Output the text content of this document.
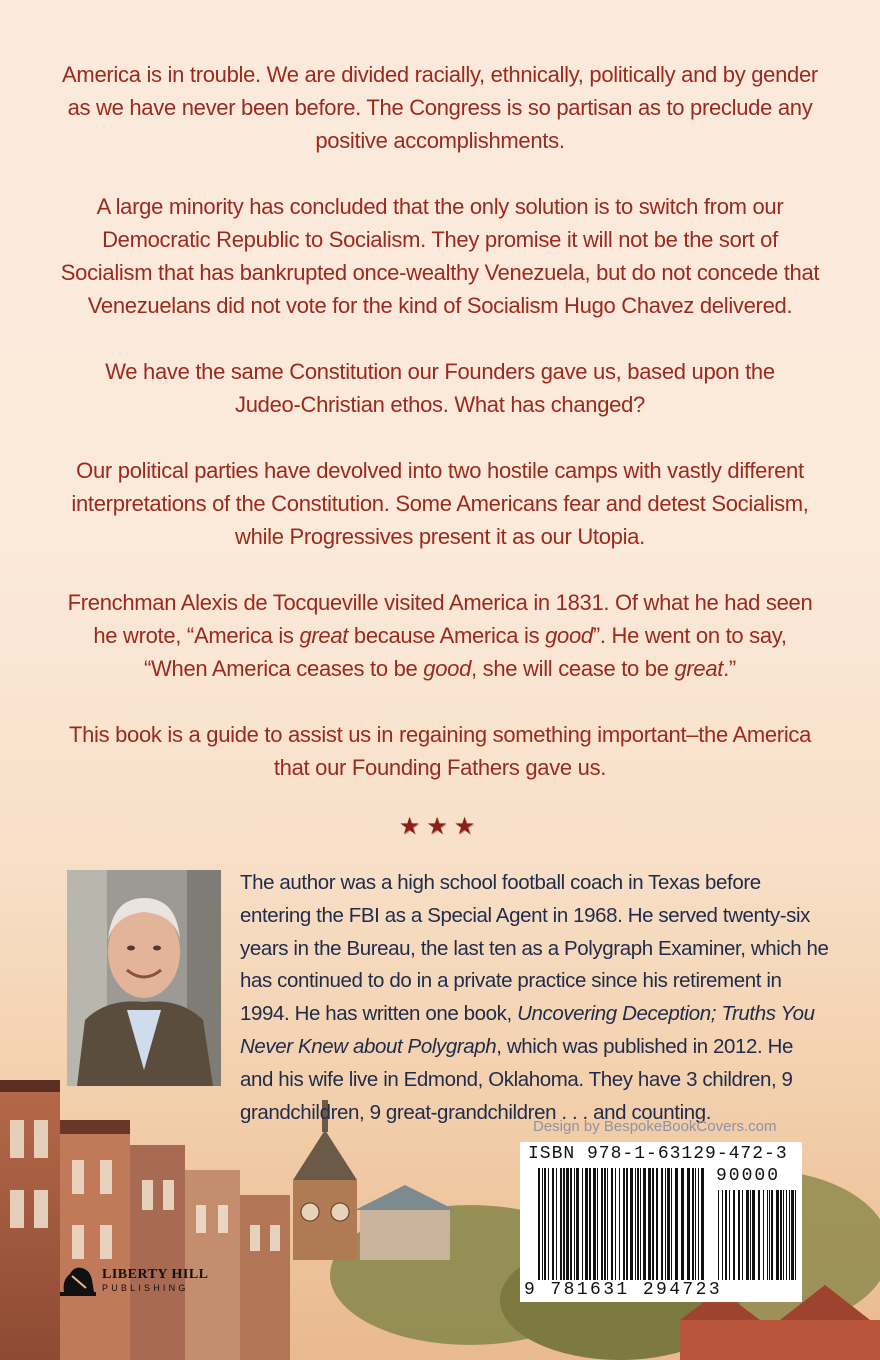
America is in trouble. We are divided racially, ethnically, politically and by gender as we have never been before. The Congress is so partisan as to preclude any positive accomplishments.

A large minority has concluded that the only solution is to switch from our Democratic Republic to Socialism. They promise it will not be the sort of Socialism that has bankrupted once-wealthy Venezuela, but do not concede that Venezuelans did not vote for the kind of Socialism Hugo Chavez delivered.

We have the same Constitution our Founders gave us, based upon the
Judeo-Christian ethos. What has changed?

Our political parties have devolved into two hostile camps with vastly different interpretations of the Constitution. Some Americans fear and detest Socialism, while Progressives present it as our Utopia.

Frenchman Alexis de Tocqueville visited America in 1831. Of what he had seen he wrote, “America is great because America is good”. He went on to say, “When America ceases to be good, she will cease to be great.”

This book is a guide to assist us in regaining something important–the America
that our Founding Fathers gave us.

★★★
The author was a high school football coach in Texas before entering the FBI as a Special Agent in 1968. He served twenty-six years in the Bureau, the last ten as a Polygraph Examiner, which he has continued to do in a private practice since his retirement in 1994. He has written one book, Uncovering Deception; Truths You Never Knew about Polygraph, which was published in 2012. He and his wife live in Edmond, Oklahoma. They have 3 children, 9 grandchildren, 9 great-grandchildren . . . and counting.
Design by BespokeBookCovers.com
ISBN 978-1-63129-472-3
90000
9 781631 294723
LIBERTY HILL
PUBLISHING
